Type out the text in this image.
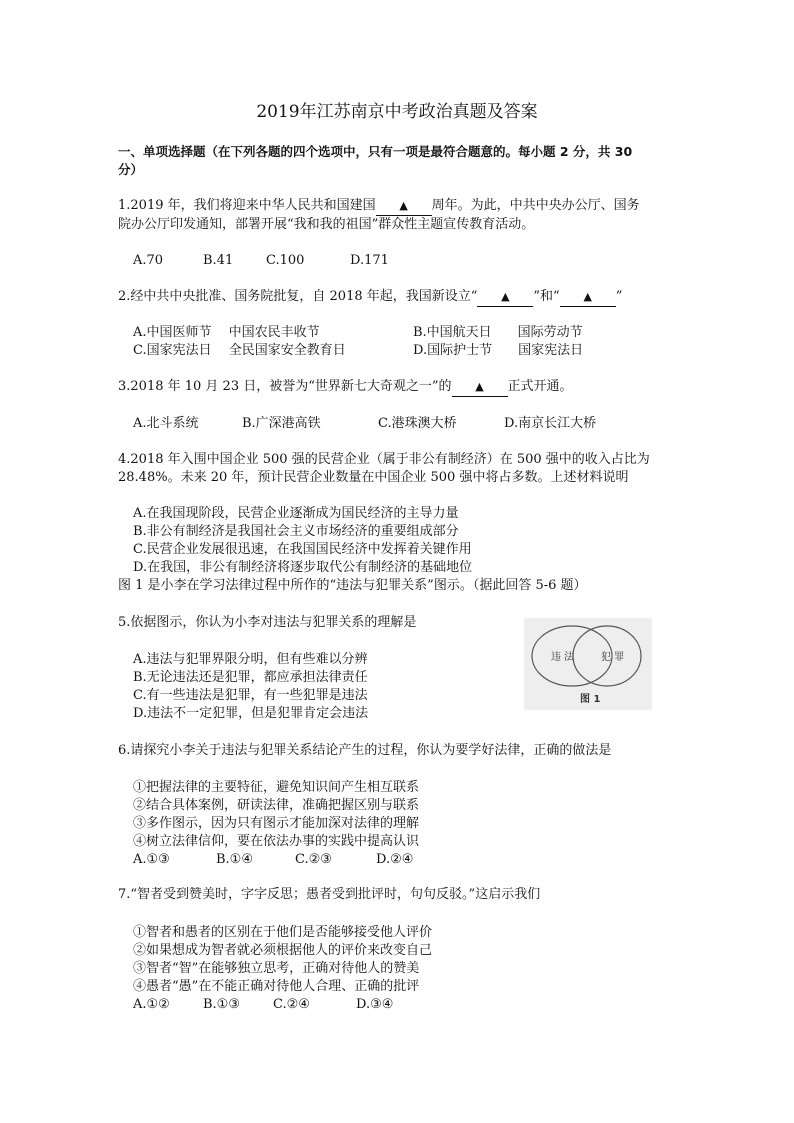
2019年江苏南京中考政治真题及答案
一、单项选择题（在下列各题的四个选项中，只有一项是最符合题意的。每小题 2 分，共 30
分）
1.2019 年，我们将迎来中华人民共和国建国 ▲ 周年。为此，中共中央办公厅、国务
院办公厅印发通知，部署开展“我和我的祖国”群众性主题宣传教育活动。
A.70	B.41	C.100	D.171
2.经中共中央批准、国务院批复，自 2018 年起，我国新设立“ ▲ ”和“ ▲ ”
A.中国医师节　 中国农民丰收节	B.中国航天日　　国际劳动节
C.国家宪法日　 全民国家安全教育日	D.国际护士节　　国家宪法日
3.2018 年 10 月 23 日，被誉为“世界新七大奇观之一”的 ▲ 正式开通。
A.北斗系统	B.广深港高铁	C.港珠澳大桥	D.南京长江大桥
4.2018 年入围中国企业 500 强的民营企业（属于非公有制经济）在 500 强中的收入占比为
28.48%。未来 20 年，预计民营企业数量在中国企业 500 强中将占多数。上述材料说明
A.在我国现阶段，民营企业逐渐成为国民经济的主导力量
B.非公有制经济是我国社会主义市场经济的重要组成部分
C.民营企业发展很迅速，在我国国民经济中发挥着关键作用
D.在我国，非公有制经济将逐步取代公有制经济的基础地位
图 1 是小李在学习法律过程中所作的“违法与犯罪关系”图示。（据此回答 5-6 题）
5.依据图示，你认为小李对违法与犯罪关系的理解是
A.违法与犯罪界限分明，但有些难以分辨
B.无论违法还是犯罪，都应承担法律责任
C.有一些违法是犯罪，有一些犯罪是违法
D.违法不一定犯罪，但是犯罪肯定会违法
违 法	犯 罪
图 1
6.请探究小李关于违法与犯罪关系结论产生的过程，你认为要学好法律，正确的做法是
①把握法律的主要特征，避免知识间产生相互联系
②结合具体案例，研读法律，准确把握区别与联系
③多作图示，因为只有图示才能加深对法律的理解
④树立法律信仰，要在依法办事的实践中提高认识
A.①③	B.①④	C.②③	D.②④
7.“智者受到赞美时，字字反思；愚者受到批评时，句句反驳。”这启示我们
①智者和愚者的区别在于他们是否能够接受他人评价
②如果想成为智者就必须根据他人的评价来改变自己
③智者“智”在能够独立思考，正确对待他人的赞美
④愚者“愚”在不能正确对待他人合理、正确的批评
A.①②	B.①③	C.②④	D.③④
